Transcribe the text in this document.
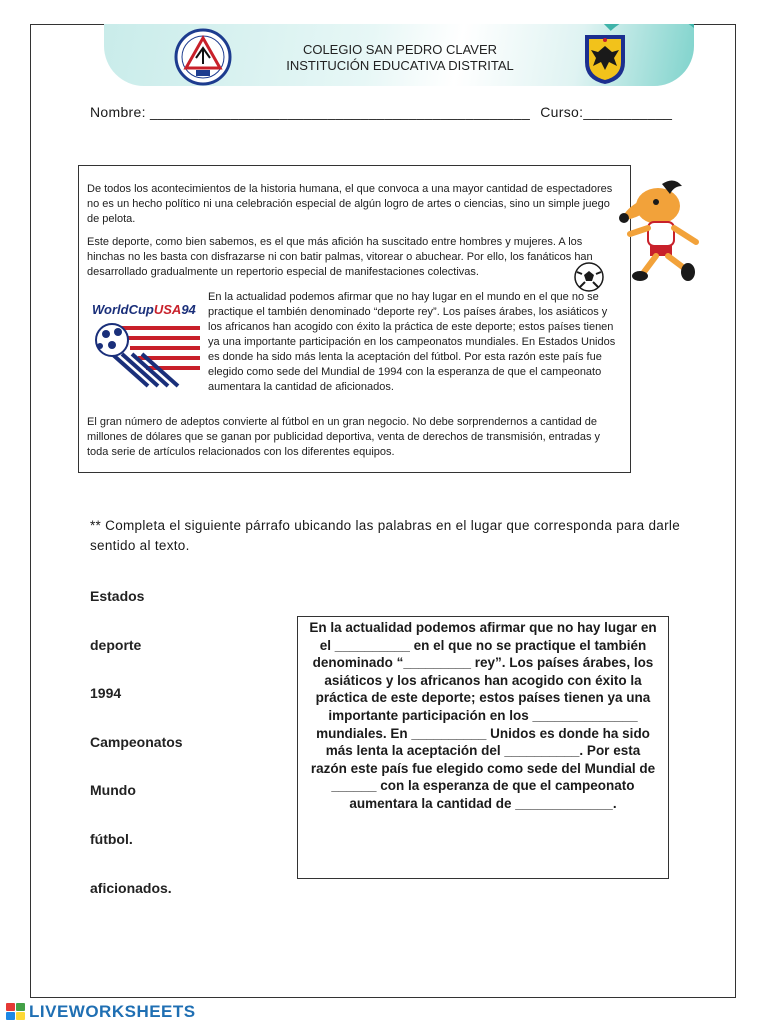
COLEGIO SAN PEDRO CLAVER
INSTITUCIÓN EDUCATIVA DISTRITAL
Nombre: _______________________________________________ Curso:___________
De todos los acontecimientos de la historia humana, el que convoca a una mayor cantidad de espectadores no es un hecho político ni una celebración especial de algún logro de artes o ciencias, sino un simple juego de pelota.
Este deporte, como bien sabemos, es el que más afición ha suscitado entre hombres y mujeres. A los hinchas no les basta con disfrazarse ni con batir palmas, vitorear o abuchear. Por ello, los fanáticos han desarrollado gradualmente un repertorio especial de manifestaciones colectivas.
En la actualidad podemos afirmar que no hay lugar en el mundo en el que no se practique el también denominado “deporte rey”. Los países árabes, los asiáticos y los africanos han acogido con éxito la práctica de este deporte; estos países tienen ya una importante participación en los campeonatos mundiales. En Estados Unidos es donde ha sido más lenta la aceptación del fútbol. Por esta razón este país fue elegido como sede del Mundial de 1994 con la esperanza de que el campeonato aumentara la cantidad de aficionados.
El gran número de adeptos convierte al fútbol en un gran negocio. No debe sorprendernos a cantidad de millones de dólares que se ganan por publicidad deportiva, venta de derechos de transmisión, entradas y toda serie de artículos relacionados con los diferentes equipos.
WorldCupUSA94
** Completa el siguiente párrafo ubicando las palabras en el lugar que corresponda para darle sentido al texto.
Estados
deporte
1994
Campeonatos
Mundo
fútbol.
aficionados.
En la actualidad podemos afirmar que no hay lugar en el __________ en el que no se practique el también denominado “_________ rey”. Los países árabes, los asiáticos y los africanos han acogido con éxito la práctica de este deporte; estos países tienen ya una importante participación en los ______________ mundiales. En __________ Unidos es donde ha sido más lenta la aceptación del __________. Por esta razón este país fue elegido como sede del Mundial de ______ con la esperanza de que el campeonato aumentara la cantidad de _____________.
LIVEWORKSHEETS
